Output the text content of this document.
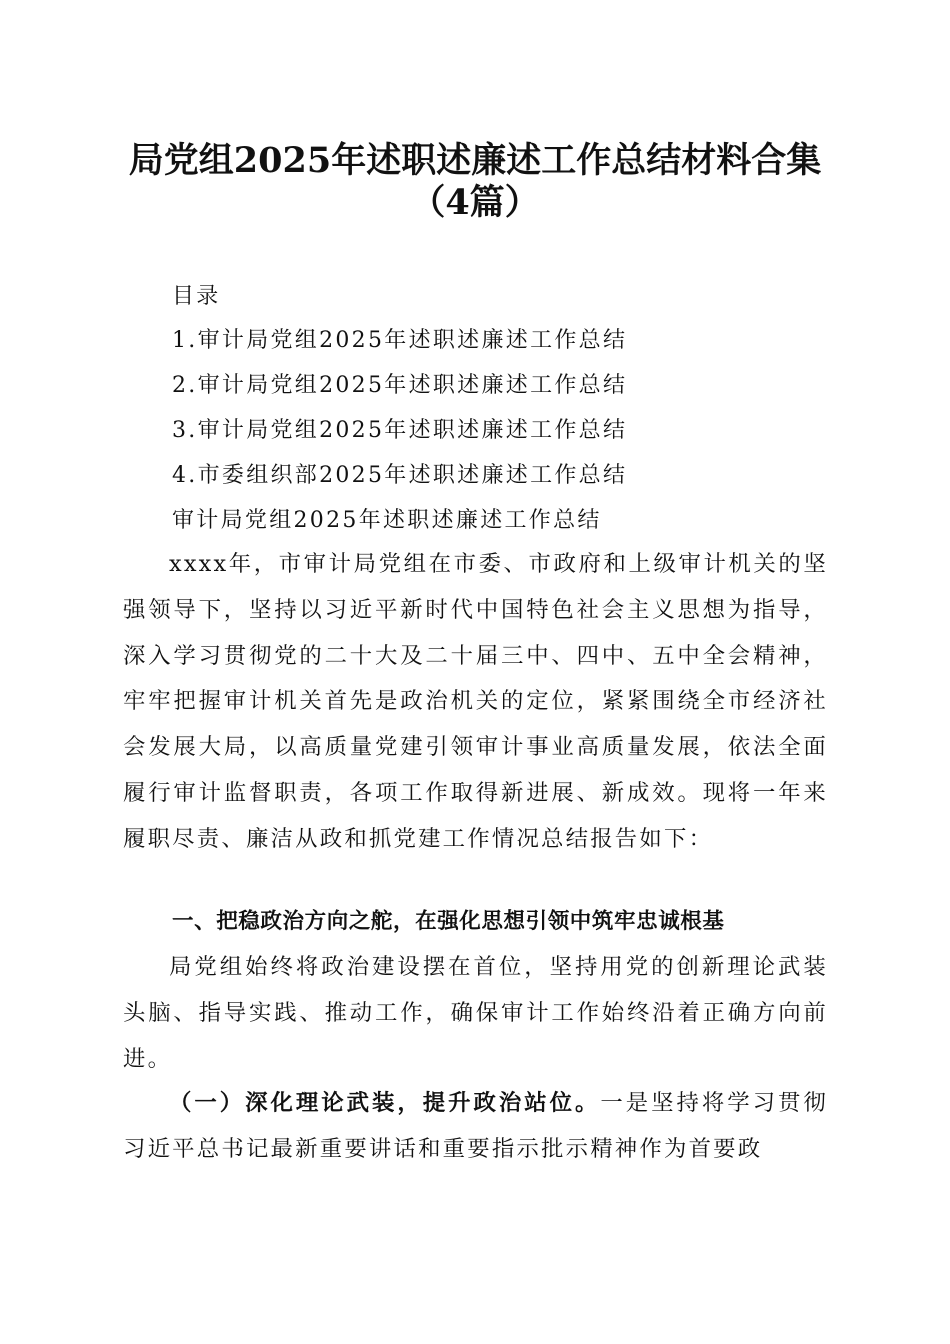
局党组2025年述职述廉述工作总结材料合集
（4篇）

目录

1.审计局党组2025年述职述廉述工作总结

2.审计局党组2025年述职述廉述工作总结

3.审计局党组2025年述职述廉述工作总结

4.市委组织部2025年述职述廉述工作总结

审计局党组2025年述职述廉述工作总结

xxxx年，市审计局党组在市委、市政府和上级审计机关的坚强领导下，坚持以习近平新时代中国特色社会主义思想为指导，深入学习贯彻党的二十大及二十届三中、四中、五中全会精神，牢牢把握审计机关首先是政治机关的定位，紧紧围绕全市经济社会发展大局，以高质量党建引领审计事业高质量发展，依法全面履行审计监督职责，各项工作取得新进展、新成效。现将一年来履职尽责、廉洁从政和抓党建工作情况总结报告如下：

一、把稳政治方向之舵，在强化思想引领中筑牢忠诚根基

局党组始终将政治建设摆在首位，坚持用党的创新理论武装头脑、指导实践、推动工作，确保审计工作始终沿着正确方向前进。

（一）深化理论武装，提升政治站位。一是坚持将学习贯彻习近平总书记最新重要讲话和重要指示批示精神作为首要政
